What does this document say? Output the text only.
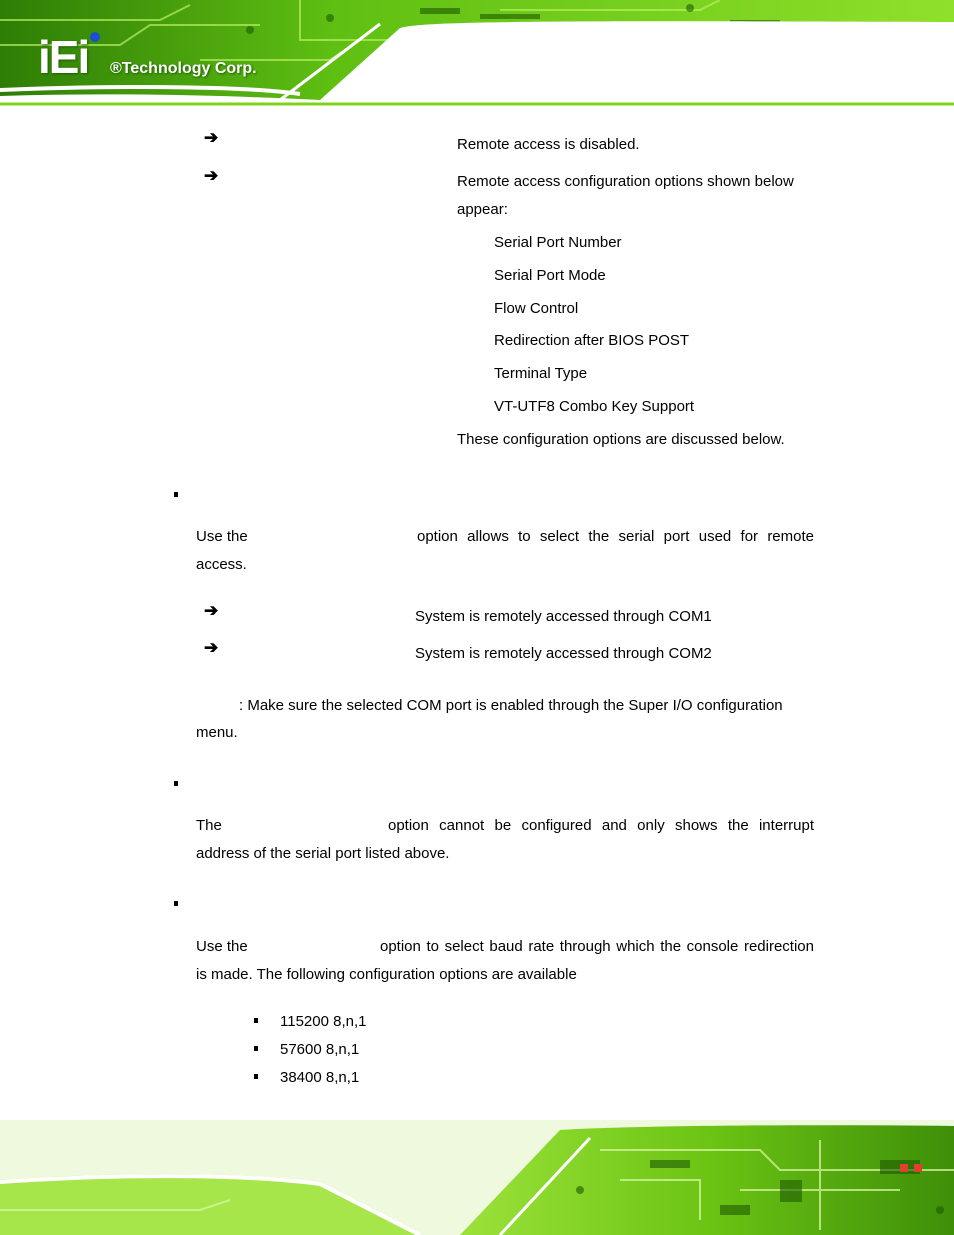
iEi ®Technology Corp.
➔	Remote access is disabled.
➔	Remote access configuration options shown below
appear:
Serial Port Number
Serial Port Mode
Flow Control
Redirection after BIOS POST
Terminal Type
VT-UTF8 Combo Key Support
These configuration options are discussed below.
Use the	option allows to select the serial port used for remote
access.
➔	System is remotely accessed through COM1
➔	System is remotely accessed through COM2
: Make sure the selected COM port is enabled through the Super I/O configuration
menu.
The	option cannot be configured and only shows the interrupt
address of the serial port listed above.
Use the	option to select baud rate through which the console redirection
is made. The following configuration options are available
115200 8,n,1
57600 8,n,1
38400 8,n,1
